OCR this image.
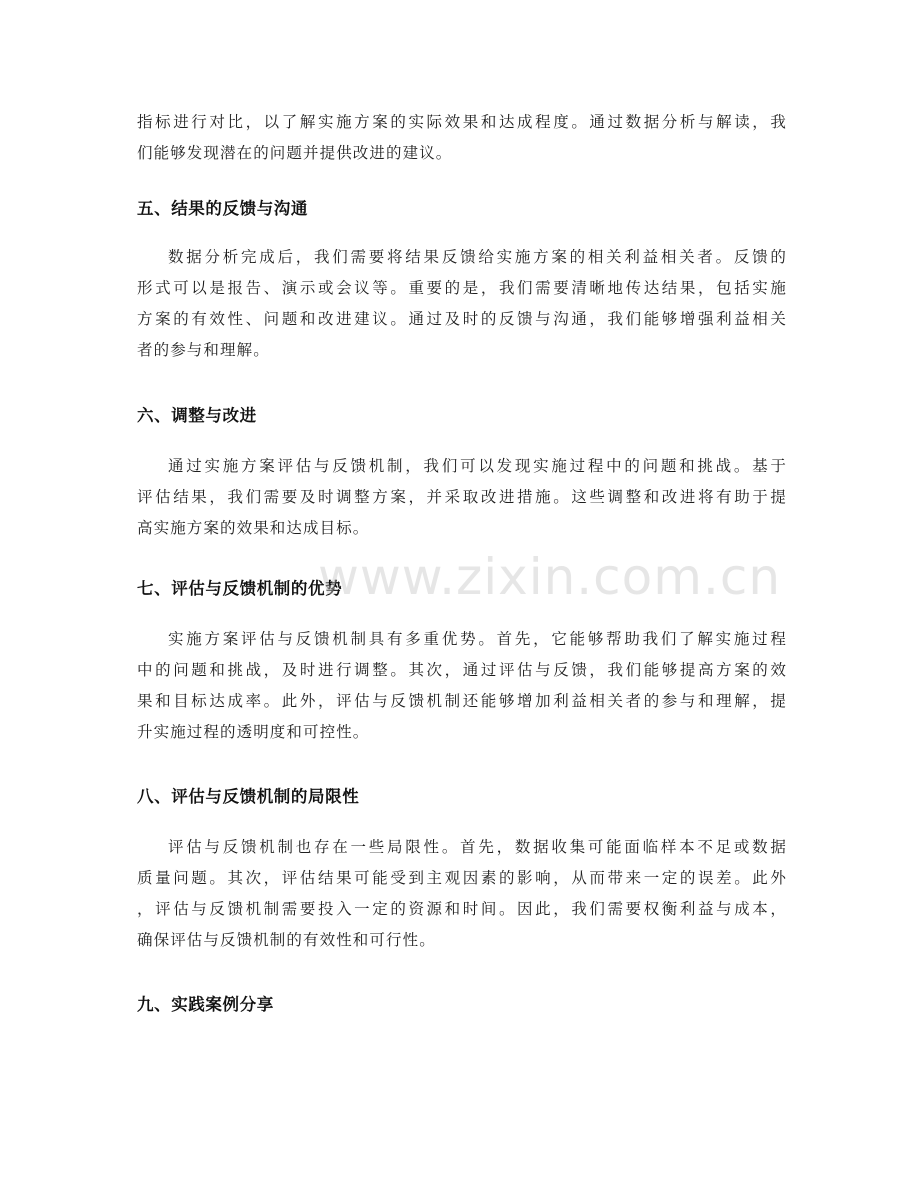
指标进行对比，以了解实施方案的实际效果和达成程度。通过数据分析与解读，我
们能够发现潜在的问题并提供改进的建议。

五、结果的反馈与沟通

数据分析完成后，我们需要将结果反馈给实施方案的相关利益相关者。反馈的
形式可以是报告、演示或会议等。重要的是，我们需要清晰地传达结果，包括实施
方案的有效性、问题和改进建议。通过及时的反馈与沟通，我们能够增强利益相关
者的参与和理解。

六、调整与改进

通过实施方案评估与反馈机制，我们可以发现实施过程中的问题和挑战。基于
评估结果，我们需要及时调整方案，并采取改进措施。这些调整和改进将有助于提
高实施方案的效果和达成目标。

七、评估与反馈机制的优势

实施方案评估与反馈机制具有多重优势。首先，它能够帮助我们了解实施过程
中的问题和挑战，及时进行调整。其次，通过评估与反馈，我们能够提高方案的效
果和目标达成率。此外，评估与反馈机制还能够增加利益相关者的参与和理解，提
升实施过程的透明度和可控性。

八、评估与反馈机制的局限性

评估与反馈机制也存在一些局限性。首先，数据收集可能面临样本不足或数据
质量问题。其次，评估结果可能受到主观因素的影响，从而带来一定的误差。此外
，评估与反馈机制需要投入一定的资源和时间。因此，我们需要权衡利益与成本，
确保评估与反馈机制的有效性和可行性。

九、实践案例分享
www.zixin.com.cn
